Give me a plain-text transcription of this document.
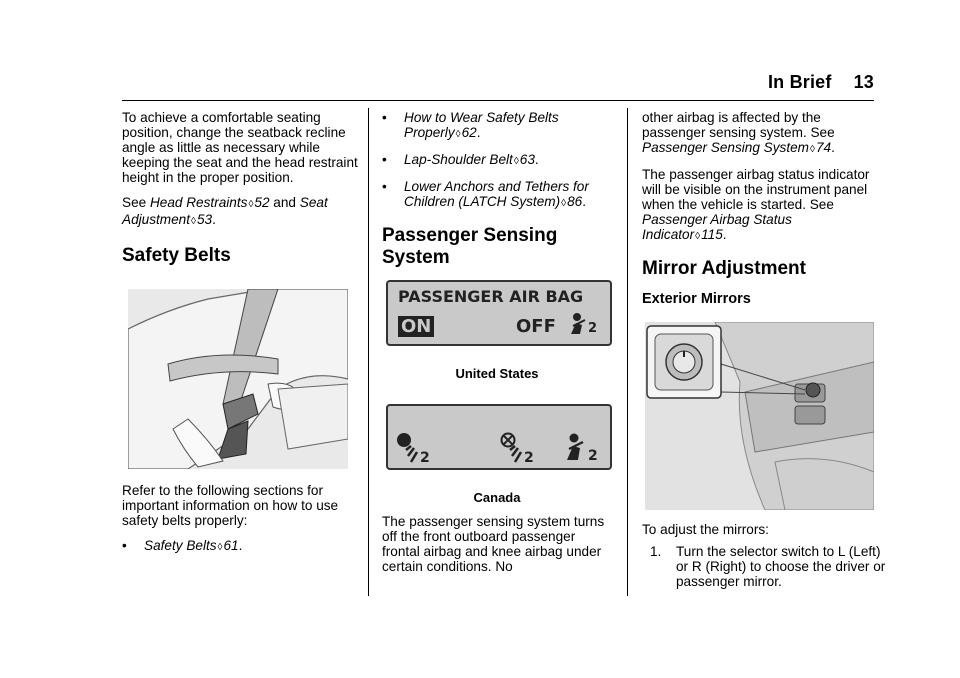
In Brief 13

To achieve a comfortable seating position, change the seatback recline angle as little as necessary while keeping the seat and the head restraint height in the proper position.

See Head Restraints◊52 and Seat Adjustment◊53.

Safety Belts

Refer to the following sections for important information on how to use safety belts properly:

•	Safety Belts◊61.
•	How to Wear Safety Belts Properly◊62.
•	Lap-Shoulder Belt◊63.
•	Lower Anchors and Tethers for Children (LATCH System)◊86.
Passenger Sensing
System
PASSENGER AIR BAG
ON	OFF 2
United States
2	2	2
Canada

The passenger sensing system turns off the front outboard passenger frontal airbag and knee airbag under certain conditions. No

other airbag is affected by the passenger sensing system. See Passenger Sensing System◊74.

The passenger airbag status indicator will be visible on the instrument panel when the vehicle is started. See Passenger Airbag Status Indicator◊115.

Mirror Adjustment
Exterior Mirrors

To adjust the mirrors:

1.	Turn the selector switch to L (Left) or R (Right) to choose the driver or passenger mirror.
